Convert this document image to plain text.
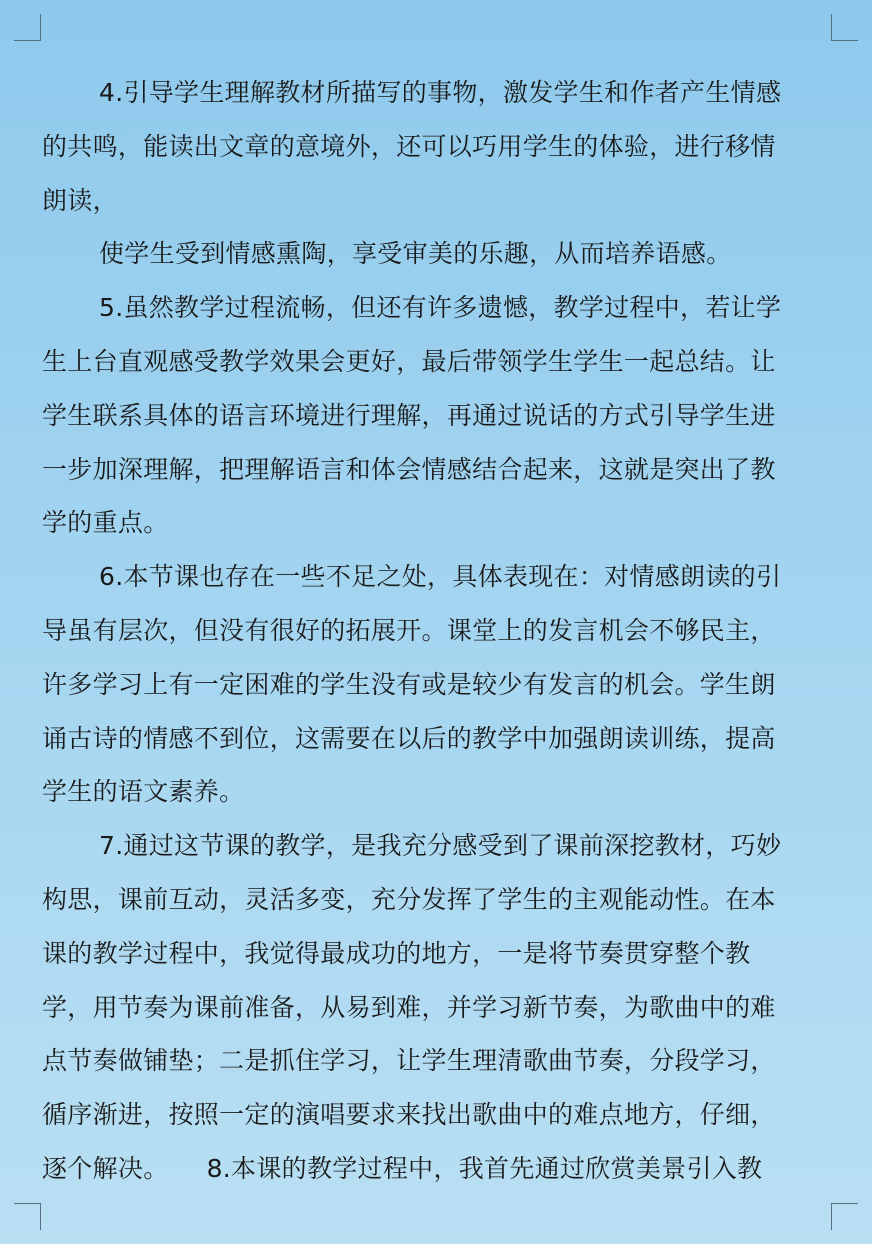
4.引导学生理解教材所描写的事物，激发学生和作者产生情感
的共鸣，能读出文章的意境外，还可以巧用学生的体验，进行移情
朗读，
使学生受到情感熏陶，享受审美的乐趣，从而培养语感。
5.虽然教学过程流畅，但还有许多遗憾，教学过程中，若让学
生上台直观感受教学效果会更好，最后带领学生学生一起总结。让
学生联系具体的语言环境进行理解，再通过说话的方式引导学生进
一步加深理解，把理解语言和体会情感结合起来，这就是突出了教
学的重点。
6.本节课也存在一些不足之处，具体表现在：对情感朗读的引
导虽有层次，但没有很好的拓展开。课堂上的发言机会不够民主，
许多学习上有一定困难的学生没有或是较少有发言的机会。学生朗
诵古诗的情感不到位，这需要在以后的教学中加强朗读训练，提高
学生的语文素养。
7.通过这节课的教学，是我充分感受到了课前深挖教材，巧妙
构思，课前互动，灵活多变，充分发挥了学生的主观能动性。在本
课的教学过程中，我觉得最成功的地方，一是将节奏贯穿整个教
学，用节奏为课前准备，从易到难，并学习新节奏，为歌曲中的难
点节奏做铺垫；二是抓住学习，让学生理清歌曲节奏，分段学习，
循序渐进，按照一定的演唱要求来找出歌曲中的难点地方，仔细，
逐个解决。　　8.本课的教学过程中，我首先通过欣赏美景引入教
